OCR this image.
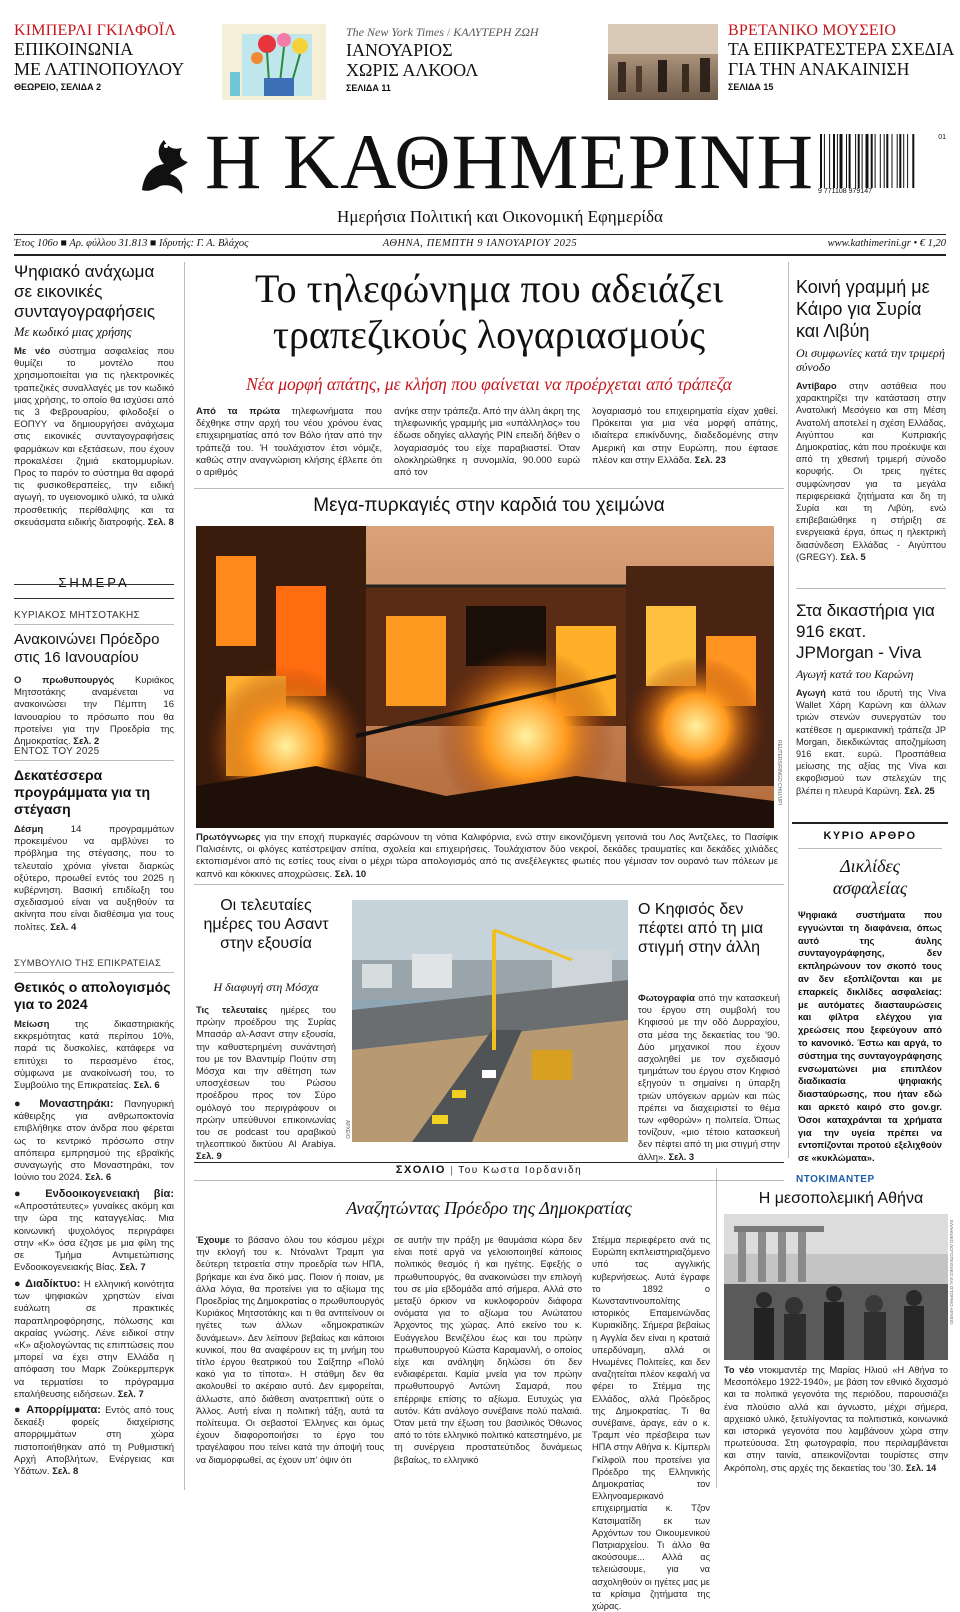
ΚΙΜΠΕΡΛΙ ΓΚΙΛΦΟΪΛ
ΕΠΙΚΟΙΝΩΝΙΑ
ΜΕ ΛΑΤΙΝΟΠΟΥΛΟΥ
ΘΕΩΡΕΙΟ, ΣΕΛΙΔΑ 2
The New York Times / ΚΑΛΥΤΕΡΗ ΖΩΗ
ΙΑΝΟΥΑΡΙΟΣ
ΧΩΡΙΣ ΑΛΚΟΟΛ
ΣΕΛΙΔΑ 11
ΒΡΕΤΑΝΙΚΟ ΜΟΥΣΕΙΟ
ΤΑ ΕΠΙΚΡΑΤΕΣΤΕΡΑ ΣΧΕΔΙΑ
ΓΙΑ ΤΗΝ ΑΝΑΚΑΙΝΙΣΗ
ΣΕΛΙΔΑ 15
Η ΚΑΘΗΜΕΡΙΝΗ
Ημερήσια Πολιτική και Οικονομική Εφημερίδα
9 771108 979147
01
Έτος 106ο ■ Αρ. φύλλου 31.813 ■ Ιδρυτής: Γ. Α. Βλάχος	ΑΘΗΝΑ, ΠΕΜΠΤΗ 9 ΙΑΝΟΥΑΡΙΟΥ 2025	www.kathimerini.gr • € 1,20
Ψηφιακό ανάχωμα σε εικονικές συνταγογραφήσεις
Με κωδικό μιας χρήσης
Με νέο σύστημα ασφαλείας που θυμίζει το μοντέλο που χρησιμοποιείται για τις ηλεκτρονικές τραπεζικές συναλλαγές με τον κωδικό μιας χρήσης, το οποίο θα ισχύσει από τις 3 Φεβρουαρίου, φιλοδοξεί ο ΕΟΠΥΥ να δημιουργήσει ανάχωμα στις εικονικές συνταγογραφήσεις φαρμάκων και εξετάσεων, που έχουν προκαλέσει ζημιά εκατομμυρίων. Προς το παρόν το σύστημα θα αφορά τις φυσικοθεραπείες, την ειδική αγωγή, το υγειονομικό υλικό, τα υλικά προσθετικής περίθαλψης και τα σκευάσματα ειδικής διατροφής. Σελ. 8
ΣΗΜΕΡΑ
ΚΥΡΙΑΚΟΣ ΜΗΤΣΟΤΑΚΗΣ
Ανακοινώνει Πρόεδρο στις 16 Ιανουαρίου
Ο πρωθυπουργός Κυριάκος Μητσοτάκης αναμένεται να ανακοινώσει την Πέμπτη 16 Ιανουαρίου το πρόσωπο που θα προτείνει για την Προεδρία της Δημοκρατίας. Σελ. 2
ΕΝΤΟΣ ΤΟΥ 2025
Δεκατέσσερα προγράμματα για τη στέγαση
Δέσμη	14 προγραμμάτων προκειμένου να αμβλύνει το πρόβλημα της στέγασης, που το τελευταίο χρόνια γίνεται διαρκώς οξύτερο, προωθεί εντός του 2025 η κυβέρνηση. Βασική επιδίωξη του σχεδιασμού είναι να αυξηθούν τα ακίνητα που είναι διαθέσιμα για τους πολίτες. Σελ. 4
ΣΥΜΒΟΥΛΙΟ ΤΗΣ ΕΠΙΚΡΑΤΕΙΑΣ
Θετικός ο απολογισμός για το 2024
Μείωση	της δικαστηριακής εκκρεμότητας κατά περίπου 10%, παρά τις δυσκολίες, κατάφερε να επιτύχει το περασμένο έτος, σύμφωνα με ανακοίνωσή του, το Συμβούλιο της Επικρατείας. Σελ. 6
● Μοναστηράκι: Πανηγυρική κάθειρξης για ανθρωποκτονία επιβλήθηκε στον άνδρα που φέρεται ως το κεντρικό πρόσωπο στην απόπειρα εμπρησμού της εβραϊκής συναγωγής στο Μοναστηράκι, τον Ιούνιο του 2024. Σελ. 6
● Ενδοοικογενειακή βία: «Απροστάτευτες» γυναίκες ακόμη και την ώρα της καταγγελίας. Μια κοινωνική ψυχολόγος περιγράφει στην «Κ» όσα έζησε με μια φίλη της σε Τμήμα Αντιμετώπισης Ενδοοικογενειακής Βίας. Σελ. 7
● Διαδίκτυο: Η ελληνική κοινότητα των ψηφιακών χρηστών είναι ευάλωτη σε πρακτικές παραπληροφόρησης, πόλωσης και ακραίας γνώσης. Λένε ειδικοί στην «Κ» αξιολογώντας τις επιπτώσεις που μπορεί να έχει στην Ελλάδα η απόφαση του Μαρκ Ζούκερμπεργκ να τερματίσει το πρόγραμμα επαλήθευσης ειδήσεων. Σελ. 7
● Απορρίμματα: Εντός από τους δεκαέξι φορείς διαχείρισης απορριμμάτων στη χώρα πιστοποιήθηκαν από τη Ρυθμιστική Αρχή Αποβλήτων, Ενέργειας και Υδάτων. Σελ. 8
Το τηλεφώνημα που αδειάζει τραπεζικούς λογαριασμούς
Νέα μορφή απάτης, με κλήση που φαίνεται να προέρχεται από τράπεζα
Από τα πρώτα τηλεφωνήματα που δέχθηκε στην αρχή του νέου χρόνου ένας επιχειρηματίας από τον Βόλο ήταν από την τράπεζά του. Ή τουλάχιστον έτσι νόμιζε, καθώς στην αναγνώριση κλήσης έβλεπε ότι ο αριθμός
ανήκε στην τράπεζα. Από την άλλη άκρη της τηλεφωνικής γραμμής μια «υπάλληλος» του έδωσε οδηγίες αλλαγής PIN επειδή δήθεν ο λογαριασμός του είχε παραβιαστεί. Όταν ολοκληρώθηκε η συνομιλία, 90.000 ευρώ από τον
λογαριασμό του επιχειρηματία είχαν χαθεί. Πρόκειται για μια νέα μορφή απάτης, ιδιαίτερα επικίνδυνης, διαδεδομένης στην Αμερική και στην Ευρώπη, που έφτασε πλέον και στην Ελλάδα. Σελ. 23
Μεγα-πυρκαγιές στην καρδιά του χειμώνα
REUTERS/RINGO CHIU/UPI
Πρωτόγνωρες για την εποχή πυρκαγιές σαρώνουν τη νότια Καλιφόρνια, ενώ στην εικονιζόμενη γειτονιά του Λος Άντζελες, το Πασίφικ Παλισέιντς, οι φλόγες κατέστρεψαν σπίτια, σχολεία και επιχειρήσεις. Τουλάχιστον δύο νεκροί, δεκάδες τραυματίες και δεκάδες χιλιάδες εκτοπισμένοι από τις εστίες τους είναι ο μέχρι τώρα απολογισμός από τις ανεξέλεγκτες φωτιές που γέμισαν τον ουρανό των πόλεων με καπνό και κόκκινες αποχρώσεις. Σελ. 10
Οι τελευταίες ημέρες του Ασαντ στην εξουσία
Η διαφυγή στη Μόσχα
Τις τελευταίες ημέρες του πρώην προέδρου της Συρίας Μπασάρ αλ-Ασαντ στην εξουσία, την καθυστερημένη συνάντησή του με τον Βλαντιμίρ Πούτιν στη Μόσχα και την αθέτηση των υποσχέσεων του Ρώσου προέδρου προς τον Σύρο ομόλογό του περιγράφουν οι πρώην υπεύθυνοι επικοινωνίας του σε podcast του αραβικού τηλεοπτικού δικτύου Al Arabiya. Σελ. 9
ΑΡΧΕΙΟ
Ο Κηφισός δεν πέφτει από τη μια στιγμή στην άλλη
Φωτογραφία από την κατασκευή του έργου στη συμβολή του Κηφισού με την οδό Δυρραχίου, στα μέσα της δεκαετίας του ’90. Δύο μηχανικοί που έχουν ασχοληθεί με τον σχεδιασμό τμημάτων του έργου στον Κηφισό εξηγούν τι σημαίνει η ύπαρξη τριών υπόγειων αρμών και πώς πρέπει να διαχειριστεί το θέμα των «φθορών» η πολιτεία. Όπως τονίζουν, «μιο τέτοιο κατασκευή δεν πέφτει από τη μια στιγμή στην άλλη». Σελ. 3
Κοινή γραμμή με Κάιρο για Συρία και Λιβύη
Οι συμφωνίες κατά την τριμερή σύνοδο
Αντίβαρο στην αστάθεια που χαρακτηρίζει την κατάσταση στην Ανατολική Μεσόγειο και στη Μέση Ανατολή αποτελεί η σχέση Ελλάδας, Αιγύπτου και Κυπριακής Δημοκρατίας, κάτι που προέκυψε και από τη χθεσινή τριμερή σύνοδο κορυφής. Οι τρεις ηγέτες συμφώνησαν για τα μεγάλα περιφερειακά ζητήματα και δη τη Συρία και τη Λιβύη, ενώ επιβεβαιώθηκε η στήριξη σε ενεργειακά έργα, όπως η ηλεκτρική διασύνδεση Ελλάδας - Αιγύπτου (GREGY). Σελ. 5
Στα δικαστήρια για 916 εκατ. JPMorgan - Viva
Αγωγή κατά του Καρώνη
Αγωγή κατά του ιδρυτή της Viva Wallet Χάρη Καρώνη και άλλων τριών στενών συνεργατών του κατέθεσε η αμερικανική τράπεζα JP Morgan, διεκδικώντας αποζημίωση 916 εκατ. ευρώ. Προσπάθεια μείωσης της αξίας της Viva και εκφοβισμού των στελεχών της βλέπει η πλευρά Καρώνη. Σελ. 25
ΚΥΡΙΟ ΑΡΘΡΟ
Δικλίδες ασφαλείας
Ψηφιακά συστήματα που εγγυώνται τη διαφάνεια, όπως αυτό της άυλης συνταγογράφησης, δεν εκπληρώνουν τον σκοπό τους αν δεν εξοπλίζονται και με επαρκείς δικλίδες ασφαλείας: με αυτόματες διασταυρώσεις και φίλτρα ελέγχου για χρεώσεις που ξεφεύγουν από το κανονικό. Έστω και αργά, το σύστημα της συνταγογράφησης ενσωματώνει μια επιπλέον διαδικασία ψηφιακής διασταύρωσης, που ήταν εδώ και αρκετό καιρό στο gov.gr. Όσοι καταχράνται τα χρήματα για την υγεία πρέπει να εντοπίζονται προτού εξελιχθούν σε «κυκλώματα».
ΣΧΟΛΙΟ | Του Κωστα Ιορδανιδη
Αναζητώντας Πρόεδρο της Δημοκρατίας
Έχουμε το βάσανο όλου του κόσμου μέχρι την εκλογή του κ. Ντόναλντ Τραμπ για δεύτερη τετραετία στην προεδρία των ΗΠΑ, βρήκαμε και ένα δικό μας. Ποιον ή ποιαν, με άλλα λόγια, θα προτείνει για το αξίωμα της Προεδρίας της Δημοκρατίας ο πρωθυπουργός Κυριάκος Μητσοτάκης και τι θα αντιτείνουν οι ηγέτες των άλλων «δημοκρατικών δυνάμεων». Δεν λείπουν βεβαίως και κάποιοι κυνικοί, που θα αναφέρουν εις τη μνήμη του τίτλο έργου θεατρικού του Σαίξπηρ «Πολύ κακό για το τίποτα». Η στάθμη δεν θα ακολουθεί το ακέραιο αυτό. Δεν εμφορείται, άλλωστε, από διάθεση ανατρεπτική ούτε ο Άλλος. Αυτή είναι η πολιτική τάξη, αυτά τα πολίτευμα. Οι σεβαστοί Έλληνες και όμως έχουν διαφοροποιήσει το έργο του τραγέλαφου που τείνει κατά την άποψή τους να διαμορφωθεί, ας έχουν υπ’ όψιν ότι
σε αυτήν την πράξη με θαυμάσια κώρα δεν είναι ποτέ αργά να γελοιοποιηθεί κάποιος πολιτικός θεσμός ή και ηγέτης. Εφεξής ο πρωθυπουργός, θα ανακοινώσει την επιλογή του σε μία εβδομάδα από σήμερα. Αλλά στο μεταξύ όρκιον να κυκλοφορούν διάφορα ονόματα για το αξίωμα του Ανώτατου Άρχοντος της χώρας. Από εκείνο του κ. Ευάγγελου Βενιζέλου έως και του πρώην πρωθυπουργού Κώστα Καραμανλή, ο οποίος είχε και ανάληψη δηλώσει ότι δεν ενδιαφέρεται. Καμία μνεία για τον πρώην πρωθυπουργό Αντώνη Σαμαρά, που επέρριψε επίσης το αξίωμα. Ευτυχώς για αυτόν. Κάτι ανάλογο συνέβαινε πολύ παλαιά. Όταν μετά την έξωση του βασιλικός Όθωνος από το τότε ελληνικό πολιτικό κατεστημένο, με τη συνέργεια προστατεύτιδος δυνάμεως βεβαίως, το ελληνικό
Στέμμα περιεφέρετο ανά τις Ευρώπη εκπλειστηριαζόμενο υπό τας αγγλικής κυβερνήσεως. Αυτά έγραφε το 1892 ο Κωνσταντινουπολίτης ιστορικός Επαμεινώνδας Κυριακίδης. Σήμερα βεβαίως η Αγγλία δεν είναι η κραταιά υπερδύναμη, αλλά οι Ηνωμένες Πολιτείες, και δεν αναζητείται πλέον κεφαλή να φέρει το Στέμμα της Ελλάδος, αλλά Πρόεδρος της Δημοκρατίας. Τι θα συνέβαινε, άραγε, εάν ο κ. Τραμπ νέο πρέσβειρα των ΗΠΑ στην Αθήνα κ. Κίμπερλι Γκίλφοϊλ που προτείνει για Πρόεδρο της Ελληνικής Δημοκρατίας τον Ελληνοαμερικανό επιχειρηματία κ. Τζον Κατσιματίδη εκ των Αρχόντων του Οικουμενικού Πατριαρχείου. Τι άλλο θα ακούσουμε... Αλλά ας τελειώσουμε, για να ασχοληθούν οι ηγέτες μας με τα κρίσιμα ζητήματα της χώρας.
ΝΤΟΚΙΜΑΝΤΕΡ
Η μεσοπολεμική Αθήνα
ΕΛΛΗΝΙΚΟ ΛΟΓΟΤΕΧΝΙΚΟ ΚΑΙ ΙΣΤΟΡΙΚΟ ΑΡΧΕΙΟ
Το νέο ντοκιμαντέρ της Μαρίας Ηλιού «Η Αθήνα το Μεσοπόλεμο 1922-1940», με βάση τον εθνικό διχασμό και τα πολιτικά γεγονότα της περιόδου, παρουσιάζει ένα πλούσιο αλλά και άγνωστο, μέχρι σήμερα, αρχειακό υλικό, ξετυλίγοντας τα πολιτιστικά, κοινωνικά και ιστορικά γεγονότα που λαμβάνουν χώρα στην πρωτεύουσα. Στη φωτογραφία, που περιλαμβάνεται και στην ταινία, απεικονίζονται τουρίστες στην Ακρόπολη, στις αρχές της δεκαετίας του ’30. Σελ. 14
